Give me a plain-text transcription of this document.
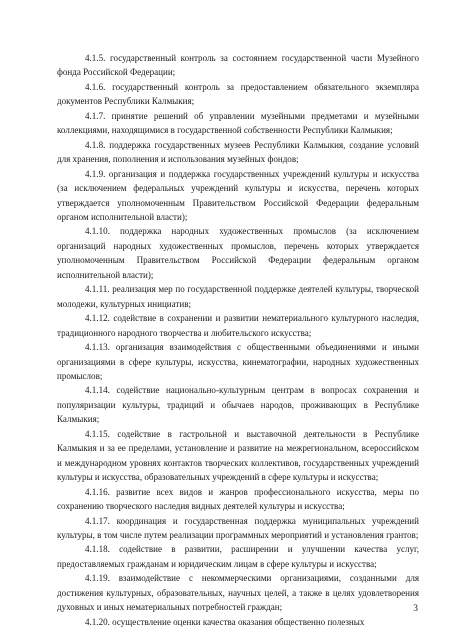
4.1.5. государственный контроль за состоянием государственной части Музейного фонда Российской Федерации;

4.1.6. государственный контроль за предоставлением обязательного экземпляра документов Республики Калмыкия;

4.1.7. принятие решений об управлении музейными предметами и музейными коллекциями, находящимися в государственной собственности Республики Калмыкия;

4.1.8. поддержка государственных музеев Республики Калмыкия, создание условий для хранения, пополнения и использования музейных фондов;

4.1.9. организация и поддержка государственных учреждений культуры и искусства (за исключением федеральных учреждений культуры и искусства, перечень которых утверждается уполномоченным Правительством Российской Федерации федеральным органом исполнительной власти);

4.1.10. поддержка народных художественных промыслов (за исключением организаций народных художественных промыслов, перечень которых утверждается уполномоченным Правительством Российской Федерации федеральным органом исполнительной власти);

4.1.11. реализация мер по государственной поддержке деятелей культуры, творческой молодежи, культурных инициатив;

4.1.12. содействие в сохранении и развитии нематериального культурного наследия, традиционного народного творчества и любительского искусства;

4.1.13. организация взаимодействия с общественными объединениями и иными организациями в сфере культуры, искусства, кинематографии, народных художественных промыслов;

4.1.14. содействие национально-культурным центрам в вопросах сохранения и популяризации культуры, традиций и обычаев народов, проживающих в Республике Калмыкия;

4.1.15. содействие в гастрольной и выставочной деятельности в Республике Калмыкия и за ее пределами, установление и развитие на межрегиональном, всероссийском и международном уровнях контактов творческих коллективов, государственных учреждений культуры и искусства, образовательных учреждений в сфере культуры и искусства;

4.1.16. развитие всех видов и жанров профессионального искусства, меры по сохранению творческого наследия видных деятелей культуры и искусства;

4.1.17. координация и государственная поддержка муниципальных учреждений культуры, в том числе путем реализации программных мероприятий и установления грантов;

4.1.18. содействие в развитии, расширении и улучшении качества услуг, предоставляемых гражданам и юридическим лицам в сфере культуры и искусства;

4.1.19. взаимодействие с некоммерческими организациями, созданными для достижения культурных, образовательных, научных целей, а также в целях удовлетворения духовных и иных нематериальных потребностей граждан;

4.1.20. осуществление оценки качества оказания общественно полезных

3
